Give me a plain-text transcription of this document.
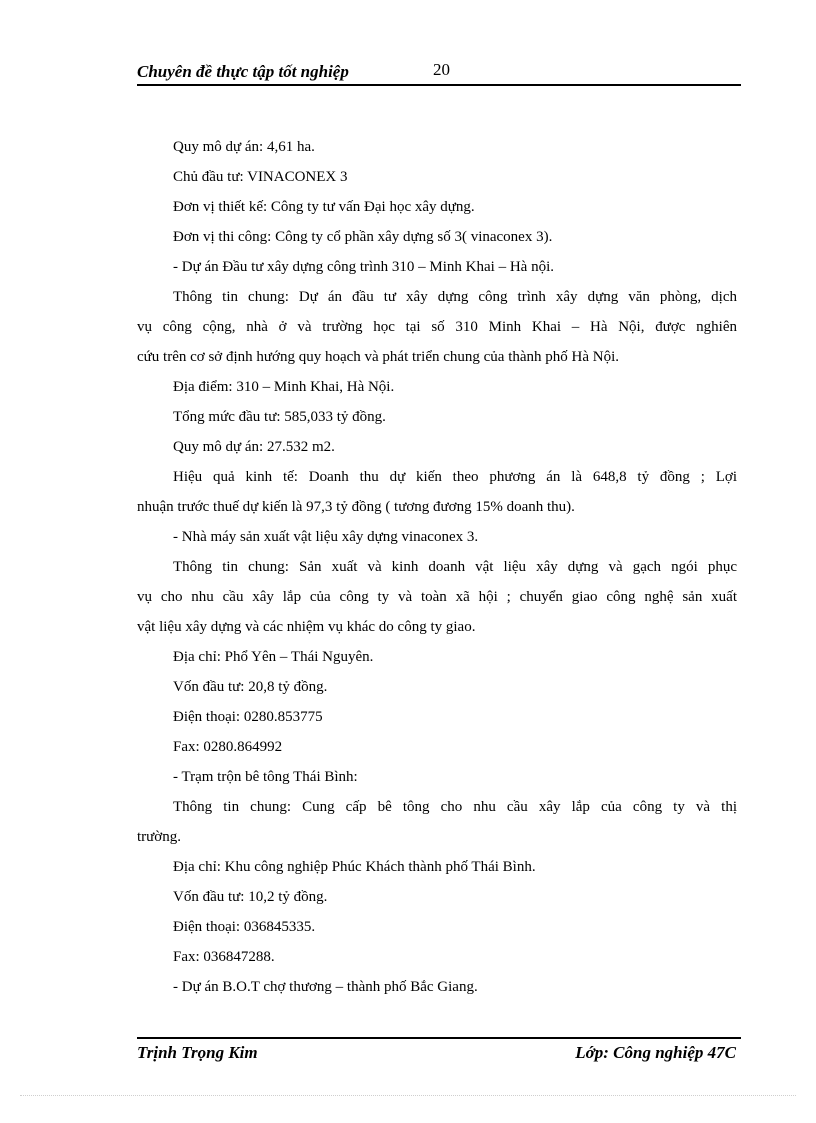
Chuyên đề thực tập tốt nghiệp	20
Quy mô dự án: 4,61 ha.
Chủ đầu tư: VINACONEX 3
Đơn vị thiết kế: Công ty tư vấn Đại học xây dựng.
Đơn vị thi công: Công ty cổ phần xây dựng số 3( vinaconex 3).
- Dự án Đầu tư xây dựng công trình 310 – Minh Khai – Hà nội.
Thông tin chung: Dự án đầu tư xây dựng công trình xây dựng văn phòng, dịch
vụ công cộng, nhà ở và trường học tại số 310 Minh Khai – Hà Nội, được nghiên
cứu trên cơ sở định hướng quy hoạch và phát triển chung của thành phố Hà Nội.
Địa điểm: 310 – Minh Khai, Hà Nội.
Tổng mức đầu tư: 585,033 tỷ đồng.
Quy mô dự án: 27.532 m2.
Hiệu quả kinh tế: Doanh thu dự kiến theo phương án là 648,8 tỷ đồng ; Lợi
nhuận trước thuế dự kiến là 97,3 tỷ đồng ( tương đương 15% doanh thu).
- Nhà máy sản xuất vật liệu xây dựng vinaconex 3.
Thông tin chung: Sản xuất và kinh doanh vật liệu xây dựng và gạch ngói phục
vụ cho nhu cầu xây lắp của công ty và toàn xã hội ; chuyển giao công nghệ sản xuất
vật liệu xây dựng và các nhiệm vụ khác do công ty giao.
Địa chỉ: Phổ Yên – Thái Nguyên.
Vốn đầu tư: 20,8 tỷ đồng.
Điện thoại: 0280.853775
Fax: 0280.864992
- Trạm trộn bê tông Thái Bình:
Thông tin chung: Cung cấp bê tông cho nhu cầu xây lắp của công ty và thị
trường.
Địa chỉ: Khu công nghiệp Phúc Khách thành phố Thái Bình.
Vốn đầu tư: 10,2 tỷ đồng.
Điện thoại: 036845335.
Fax: 036847288.
- Dự án B.O.T chợ thương – thành phố Bắc Giang.
Trịnh Trọng Kim	Lớp: Công nghiệp 47C
